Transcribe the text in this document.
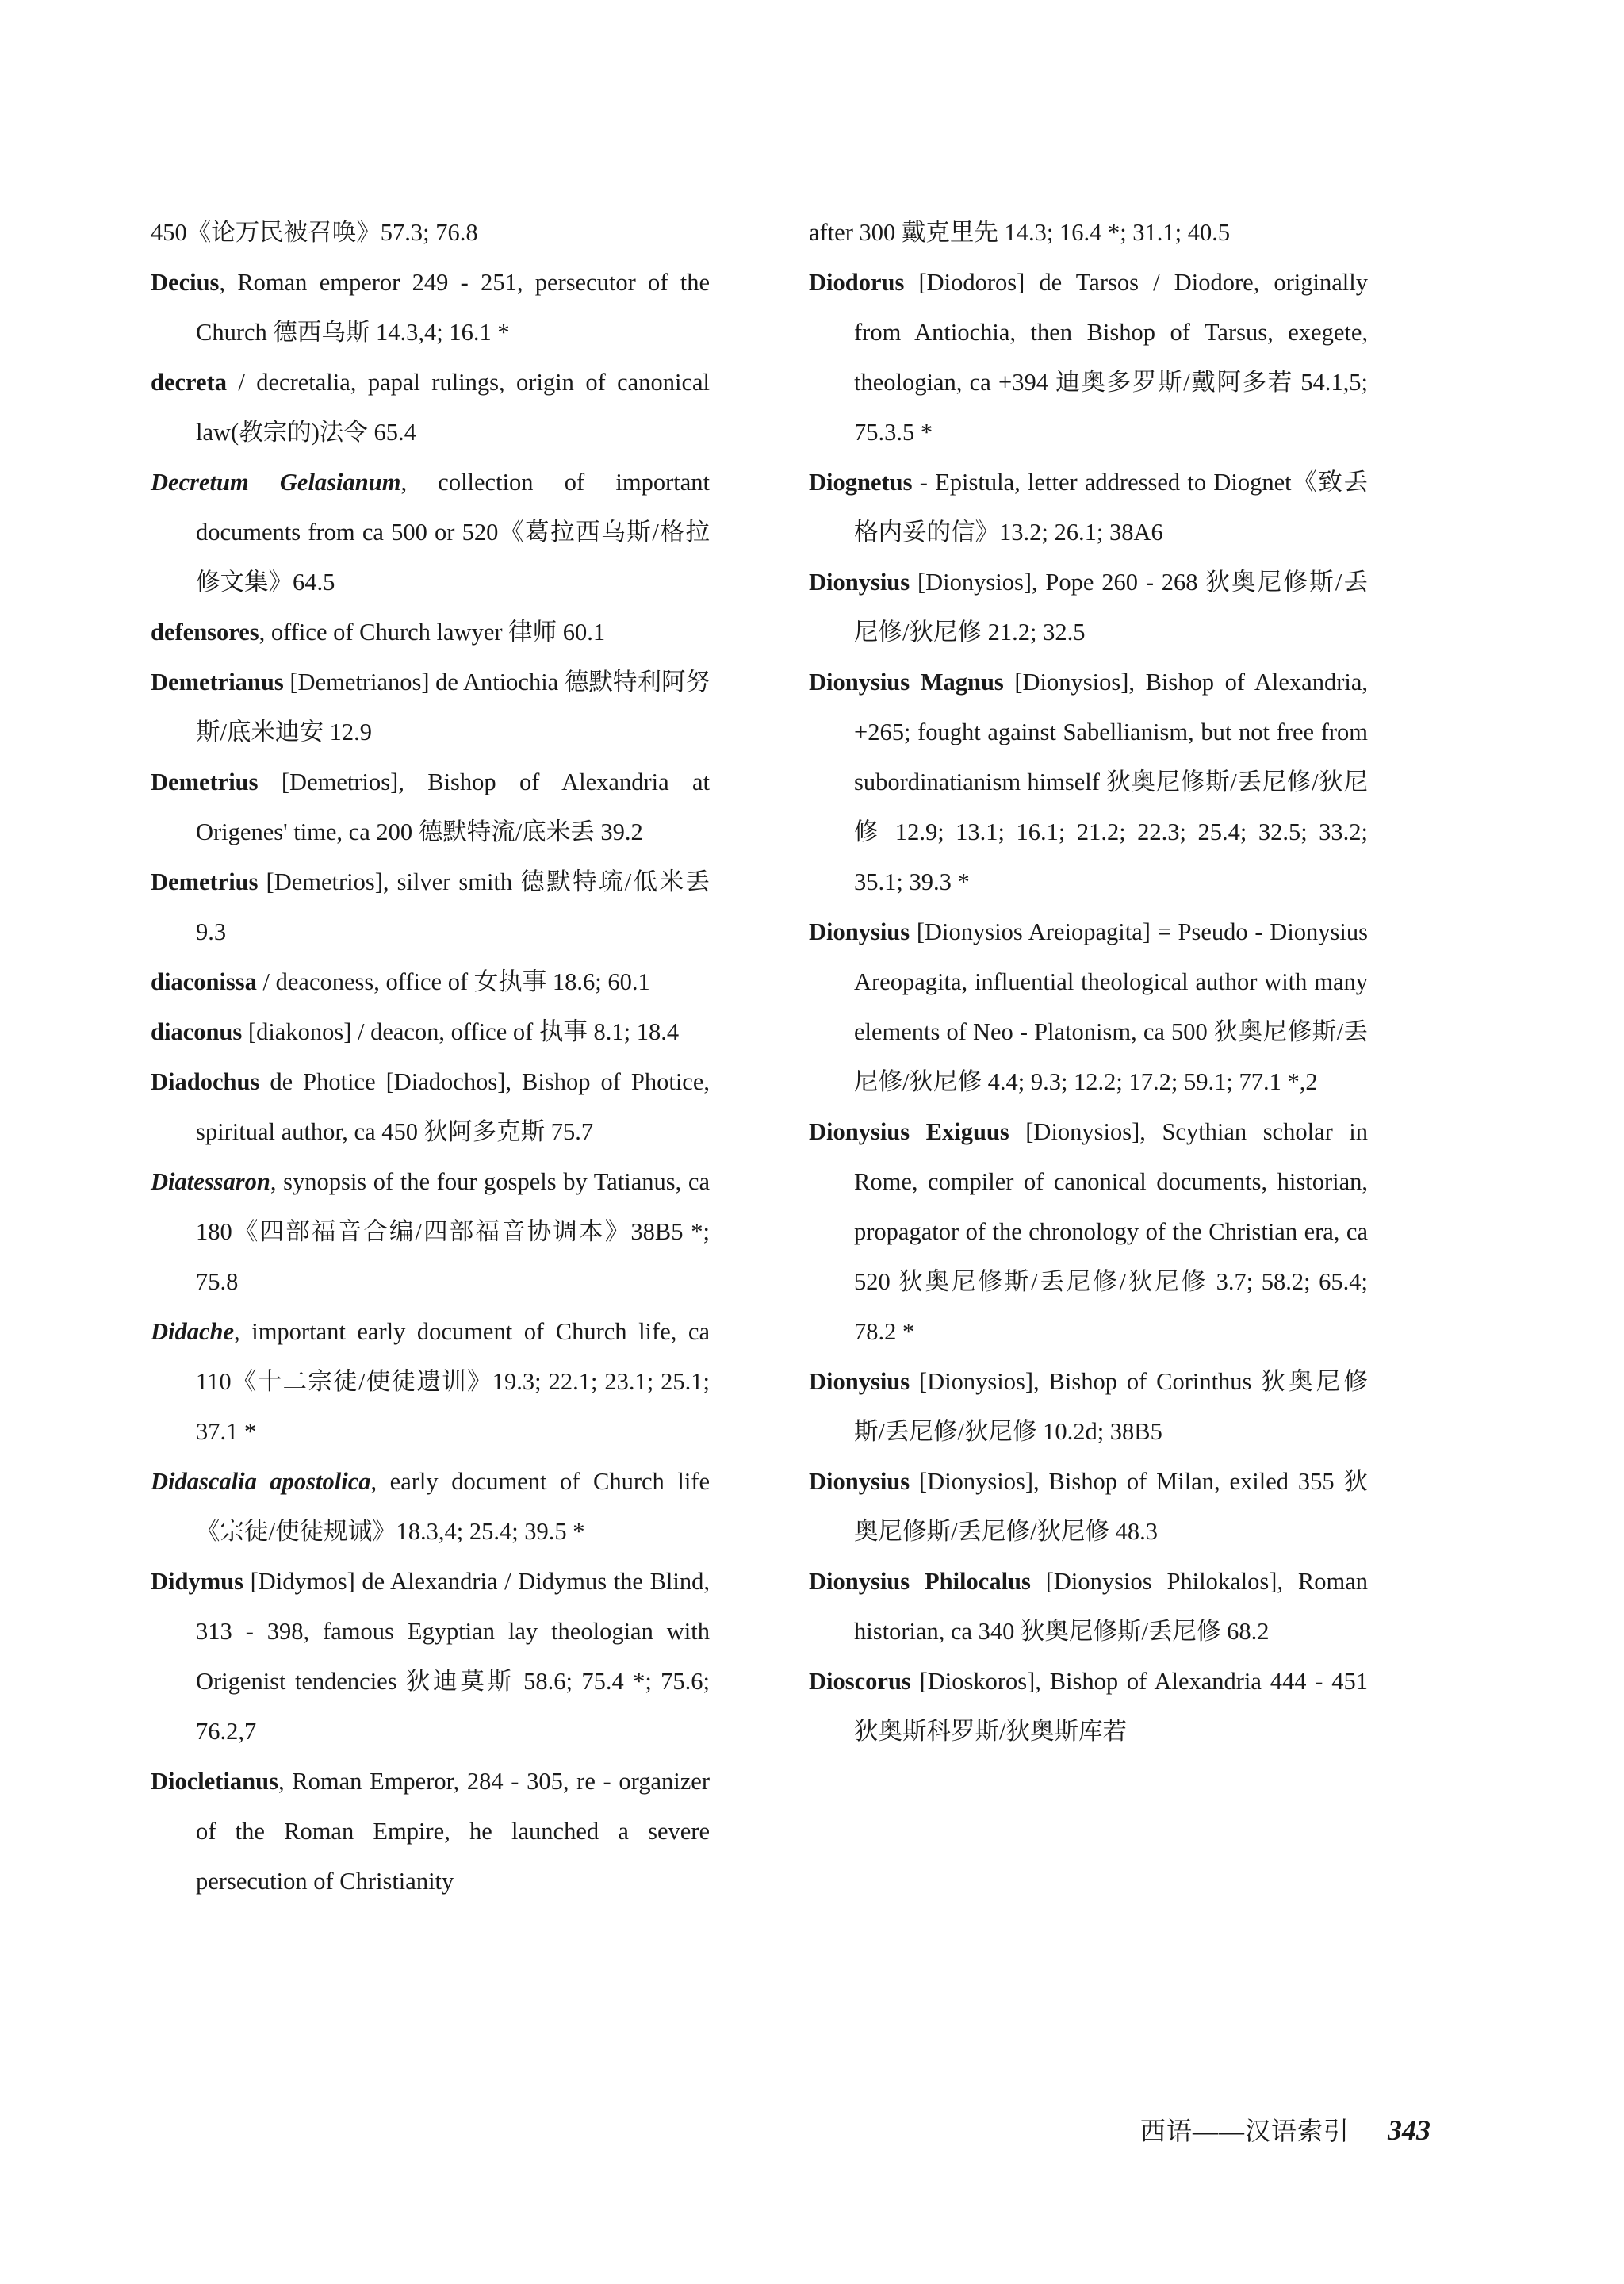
450《论万民被召唤》57.3; 76.8

Decius, Roman emperor 249 - 251, persecutor of the Church 德西乌斯 14.3,4; 16.1 *

decreta / decretalia, papal rulings, origin of canonical law(教宗的)法令 65.4

Decretum Gelasianum, collection of important documents from ca 500 or 520《葛拉西乌斯/格拉修文集》64.5

defensores, office of Church lawyer 律师 60.1

Demetrianus [Demetrianos] de Antiochia 德默特利阿努斯/底米迪安 12.9

Demetrius [Demetrios], Bishop of Alexandria at Origenes' time, ca 200 德默特流/底米丢 39.2

Demetrius [Demetrios], silver smith 德默特琉/低米丢 9.3

diaconissa / deaconess, office of 女执事 18.6; 60.1

diaconus [diakonos] / deacon, office of 执事 8.1; 18.4

Diadochus de Photice [Diadochos], Bishop of Photice, spiritual author, ca 450 狄阿多克斯 75.7

Diatessaron, synopsis of the four gospels by Tatianus, ca 180《四部福音合编/四部福音协调本》38B5 *; 75.8

Didache, important early document of Church life, ca 110《十二宗徒/使徒遗训》19.3; 22.1; 23.1; 25.1; 37.1 *

Didascalia apostolica, early document of Church life《宗徒/使徒规诫》18.3,4; 25.4; 39.5 *

Didymus [Didymos] de Alexandria / Didymus the Blind, 313 - 398, famous Egyptian lay theologian with Origenist tendencies 狄迪莫斯 58.6; 75.4 *; 75.6; 76.2,7

Diocletianus, Roman Emperor, 284 - 305, re - organizer of the Roman Empire, he launched a severe persecution of Christianity

after 300 戴克里先 14.3; 16.4 *; 31.1; 40.5

Diodorus [Diodoros] de Tarsos / Diodore, originally from Antiochia, then Bishop of Tarsus, exegete, theologian, ca +394 迪奥多罗斯/戴阿多若 54.1,5; 75.3.5 *

Diognetus - Epistula, letter addressed to Diognet《致丢格内妥的信》13.2; 26.1; 38A6

Dionysius [Dionysios], Pope 260 - 268 狄奥尼修斯/丢尼修/狄尼修 21.2; 32.5

Dionysius Magnus [Dionysios], Bishop of Alexandria, +265; fought against Sabellianism, but not free from subordinatianism himself 狄奥尼修斯/丢尼修/狄尼修 12.9; 13.1; 16.1; 21.2; 22.3; 25.4; 32.5; 33.2; 35.1; 39.3 *

Dionysius [Dionysios Areiopagita] = Pseudo - Dionysius Areopagita, influential theological author with many elements of Neo - Platonism, ca 500 狄奥尼修斯/丢尼修/狄尼修 4.4; 9.3; 12.2; 17.2; 59.1; 77.1 *,2

Dionysius Exiguus [Dionysios], Scythian scholar in Rome, compiler of canonical documents, historian, propagator of the chronology of the Christian era, ca 520 狄奥尼修斯/丢尼修/狄尼修 3.7; 58.2; 65.4; 78.2 *

Dionysius [Dionysios], Bishop of Corinthus 狄奥尼修斯/丢尼修/狄尼修 10.2d; 38B5

Dionysius [Dionysios], Bishop of Milan, exiled 355 狄奥尼修斯/丢尼修/狄尼修 48.3

Dionysius Philocalus [Dionysios Philokalos], Roman historian, ca 340 狄奥尼修斯/丢尼修 68.2

Dioscorus [Dioskoros], Bishop of Alexandria 444 - 451 狄奥斯科罗斯/狄奥斯库若

西语——汉语索引 343
